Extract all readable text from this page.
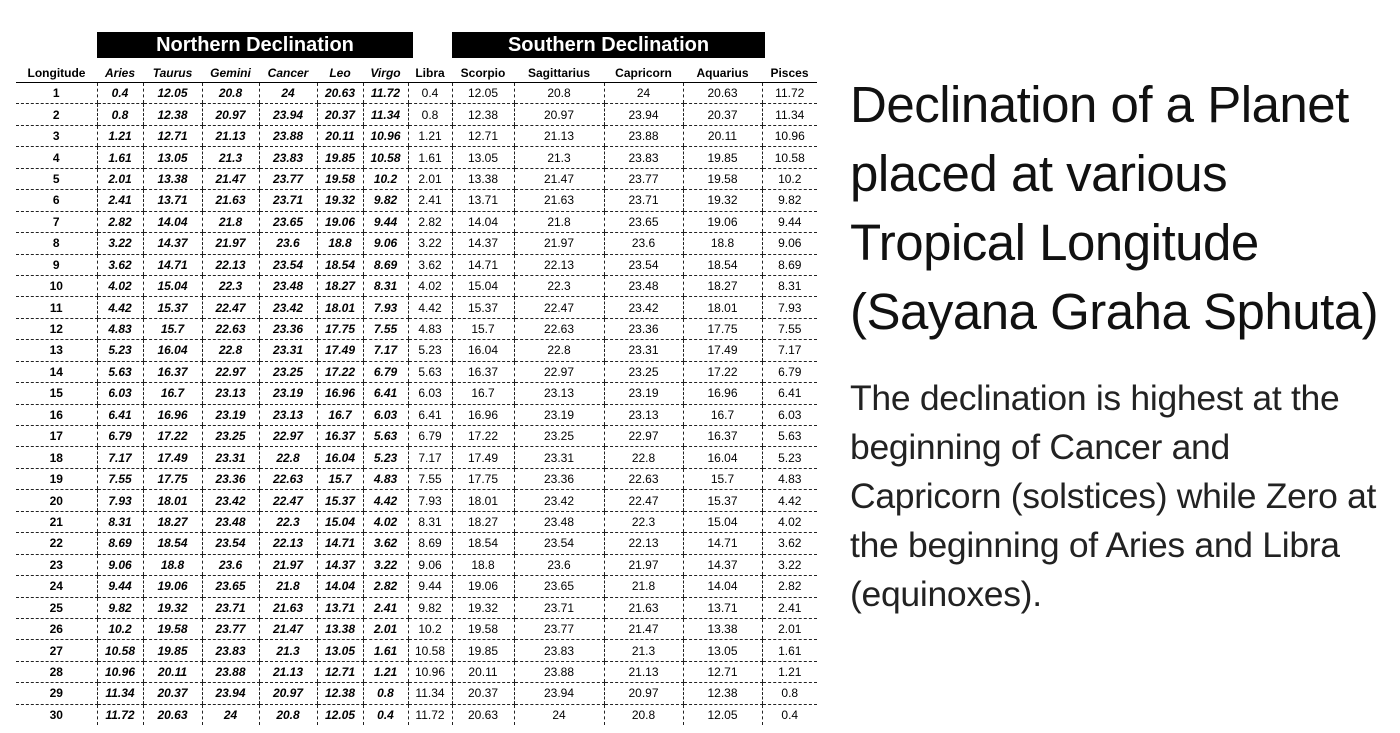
Northern Declination	Southern Declination
Longitude	Aries	Taurus	Gemini	Cancer	Leo	Virgo	Libra	Scorpio	Sagittarius	Capricorn	Aquarius	Pisces
1	0.4	12.05	20.8	24	20.63	11.72	0.4	12.05	20.8	24	20.63	11.72
2	0.8	12.38	20.97	23.94	20.37	11.34	0.8	12.38	20.97	23.94	20.37	11.34
3	1.21	12.71	21.13	23.88	20.11	10.96	1.21	12.71	21.13	23.88	20.11	10.96
4	1.61	13.05	21.3	23.83	19.85	10.58	1.61	13.05	21.3	23.83	19.85	10.58
5	2.01	13.38	21.47	23.77	19.58	10.2	2.01	13.38	21.47	23.77	19.58	10.2
6	2.41	13.71	21.63	23.71	19.32	9.82	2.41	13.71	21.63	23.71	19.32	9.82
7	2.82	14.04	21.8	23.65	19.06	9.44	2.82	14.04	21.8	23.65	19.06	9.44
8	3.22	14.37	21.97	23.6	18.8	9.06	3.22	14.37	21.97	23.6	18.8	9.06
9	3.62	14.71	22.13	23.54	18.54	8.69	3.62	14.71	22.13	23.54	18.54	8.69
10	4.02	15.04	22.3	23.48	18.27	8.31	4.02	15.04	22.3	23.48	18.27	8.31
11	4.42	15.37	22.47	23.42	18.01	7.93	4.42	15.37	22.47	23.42	18.01	7.93
12	4.83	15.7	22.63	23.36	17.75	7.55	4.83	15.7	22.63	23.36	17.75	7.55
13	5.23	16.04	22.8	23.31	17.49	7.17	5.23	16.04	22.8	23.31	17.49	7.17
14	5.63	16.37	22.97	23.25	17.22	6.79	5.63	16.37	22.97	23.25	17.22	6.79
15	6.03	16.7	23.13	23.19	16.96	6.41	6.03	16.7	23.13	23.19	16.96	6.41
16	6.41	16.96	23.19	23.13	16.7	6.03	6.41	16.96	23.19	23.13	16.7	6.03
17	6.79	17.22	23.25	22.97	16.37	5.63	6.79	17.22	23.25	22.97	16.37	5.63
18	7.17	17.49	23.31	22.8	16.04	5.23	7.17	17.49	23.31	22.8	16.04	5.23
19	7.55	17.75	23.36	22.63	15.7	4.83	7.55	17.75	23.36	22.63	15.7	4.83
20	7.93	18.01	23.42	22.47	15.37	4.42	7.93	18.01	23.42	22.47	15.37	4.42
21	8.31	18.27	23.48	22.3	15.04	4.02	8.31	18.27	23.48	22.3	15.04	4.02
22	8.69	18.54	23.54	22.13	14.71	3.62	8.69	18.54	23.54	22.13	14.71	3.62
23	9.06	18.8	23.6	21.97	14.37	3.22	9.06	18.8	23.6	21.97	14.37	3.22
24	9.44	19.06	23.65	21.8	14.04	2.82	9.44	19.06	23.65	21.8	14.04	2.82
25	9.82	19.32	23.71	21.63	13.71	2.41	9.82	19.32	23.71	21.63	13.71	2.41
26	10.2	19.58	23.77	21.47	13.38	2.01	10.2	19.58	23.77	21.47	13.38	2.01
27	10.58	19.85	23.83	21.3	13.05	1.61	10.58	19.85	23.83	21.3	13.05	1.61
28	10.96	20.11	23.88	21.13	12.71	1.21	10.96	20.11	23.88	21.13	12.71	1.21
29	11.34	20.37	23.94	20.97	12.38	0.8	11.34	20.37	23.94	20.97	12.38	0.8
30	11.72	20.63	24	20.8	12.05	0.4	11.72	20.63	24	20.8	12.05	0.4
Declination of a Planet placed at various Tropical Longitude (Sayana Graha Sphuta)

The declination is highest at the beginning of Cancer and Capricorn (solstices) while Zero at the beginning of Aries and Libra (equinoxes).
